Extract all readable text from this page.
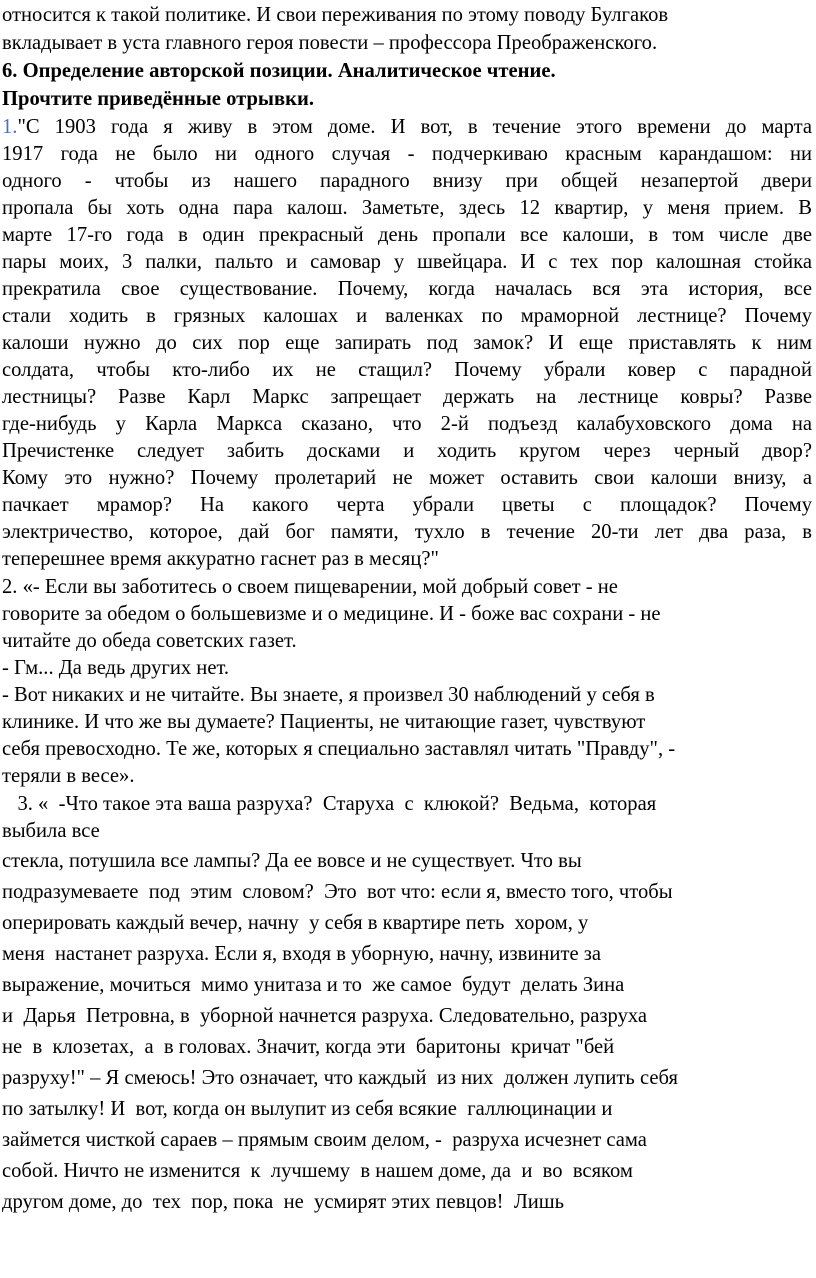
относится к такой политике. И свои переживания по этому поводу Булгаков
вкладывает в уста главного героя повести – профессора Преображенского.
6. Определение авторской позиции. Аналитическое чтение.
Прочтите приведённые отрывки.
1."С 1903 года я живу в этом доме. И вот, в течение этого времени до марта
1917 года не было ни одного случая - подчеркиваю красным карандашом: ни
одного - чтобы из нашего парадного внизу при общей незапертой двери
пропала бы хоть одна пара калош. Заметьте, здесь 12 квартир, у меня прием. В
марте 17-го года в один прекрасный день пропали все калоши, в том числе две
пары моих, 3 палки, пальто и самовар у швейцара. И с тех пор калошная стойка
прекратила свое существование. Почему, когда началась вся эта история, все
стали ходить в грязных калошах и валенках по мраморной лестнице? Почему
калоши нужно до сих пор еще запирать под замок? И еще приставлять к ним
солдата, чтобы кто-либо их не стащил? Почему убрали ковер с парадной
лестницы? Разве Карл Маркс запрещает держать на лестнице ковры? Разве
где-нибудь у Карла Маркса сказано, что 2-й подъезд калабуховского дома на
Пречистенке следует забить досками и ходить кругом через черный двор?
Кому это нужно? Почему пролетарий не может оставить свои калоши внизу, а
пачкает мрамор? На какого черта убрали цветы с площадок? Почему
электричество, которое, дай бог памяти, тухло в течение 20-ти лет два раза, в
теперешнее время аккуратно гаснет раз в месяц?"
2. «- Если вы заботитесь о своем пищеварении, мой добрый совет - не
говорите за обедом о большевизме и о медицине. И - боже вас сохрани - не
читайте до обеда советских газет.
- Гм... Да ведь других нет.
- Вот никаких и не читайте. Вы знаете, я произвел 30 наблюдений у себя в
клинике. И что же вы думаете? Пациенты, не читающие газет, чувствуют
себя превосходно. Те же, которых я специально заставлял читать "Правду", -
теряли в весе».
3. «  -Что такое эта ваша разруха?  Старуха  с  клюкой?  Ведьма,  которая
выбила все
стекла, потушила все лампы? Да ее вовсе и не существует. Что вы
подразумеваете  под  этим  словом?  Это  вот что: если я, вместо того, чтобы
оперировать каждый вечер, начну  у себя в квартире петь  хором, у
меня  настанет разруха. Если я, входя в уборную, начну, извините за
выражение, мочиться  мимо унитаза и то  же самое  будут  делать Зина
и  Дарья  Петровна, в  уборной начнется разруха. Следовательно, разруха
не  в  клозетах,  а  в головах. Значит, когда эти  баритоны  кричат "бей
разруху!" – Я смеюсь! Это означает, что каждый  из них  должен лупить себя
по затылку! И  вот, когда он вылупит из себя всякие  галлюцинации и
займется чисткой сараев – прямым своим делом, -  разруха исчезнет сама
собой. Ничто не изменится  к  лучшему  в нашем доме, да  и  во  всяком
другом доме, до  тех  пор, пока  не  усмирят этих певцов!  Лишь
